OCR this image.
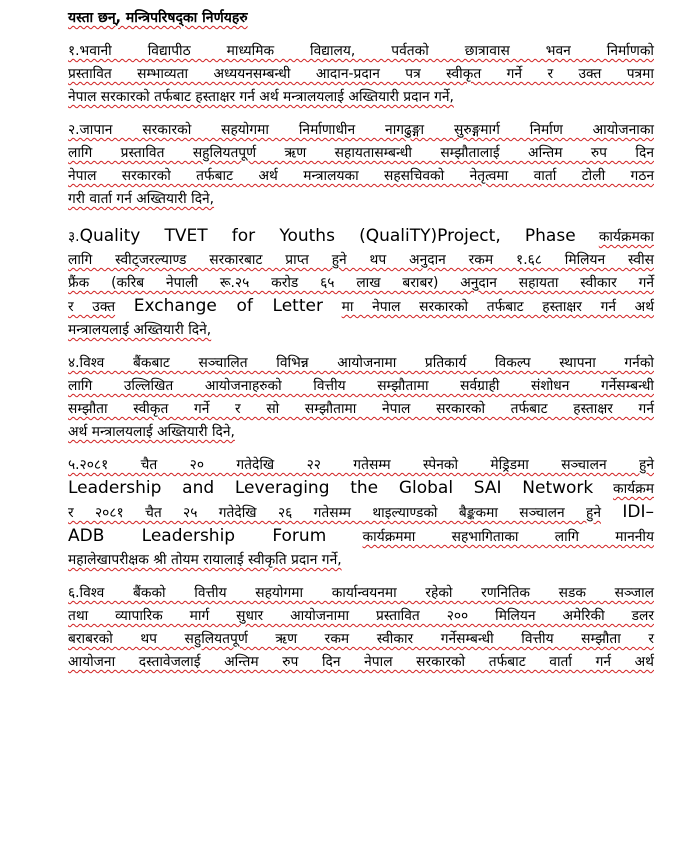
यस्ता छन्, मन्त्रिपरिषद्का निर्णयहरु
१.भवानी विद्यापीठ माध्यमिक विद्यालय, पर्वतको छात्रावास भवन निर्माणको
प्रस्तावित सम्भाव्यता अध्ययनसम्बन्धी आदान-प्रदान पत्र स्वीकृत गर्ने र उक्त पत्रमा
नेपाल सरकारको तर्फबाट हस्ताक्षर गर्न अर्थ मन्त्रालयलाई अख्तियारी प्रदान गर्ने,
२.जापान सरकारको सहयोगमा निर्माणाधीन नागढुङ्गा सुरुङ्गमार्ग निर्माण आयोजनाका
लागि प्रस्तावित सहुलियतपूर्ण ऋण सहायतासम्बन्धी सम्झौतालाई अन्तिम रुप दिन
नेपाल सरकारको तर्फबाट अर्थ मन्त्रालयका सहसचिवको नेतृत्वमा वार्ता टोली गठन
गरी वार्ता गर्न अख्तियारी दिने,
३.Quality TVET for Youths (QualiTY)Project, Phase कार्यक्रमका
लागि स्वीट्जरल्याण्ड सरकारबाट प्राप्त हुने थप अनुदान रकम १.६८ मिलियन स्वीस
फ्रैंक (करिब नेपाली रू.२५ करोड ६५ लाख बराबर) अनुदान सहायता स्वीकार गर्ने
र उक्त Exchange of Letter मा नेपाल सरकारको तर्फबाट हस्ताक्षर गर्न अर्थ
मन्त्रालयलाई अख्तियारी दिने,
४.विश्व बैंकबाट सञ्चालित विभिन्न आयोजनामा प्रतिकार्य विकल्प स्थापना गर्नको
लागि उल्लिखित आयोजनाहरुको वित्तीय सम्झौतामा सर्वग्राही संशोधन गर्नेसम्बन्धी
सम्झौता स्वीकृत गर्ने र सो सम्झौतामा नेपाल सरकारको तर्फबाट हस्ताक्षर गर्न
अर्थ मन्त्रालयलाई अख्तियारी दिने,
५.२०८१ चैत २० गतेदेखि २२ गतेसम्म स्पेनको मेड्रिडमा सञ्चालन हुने
Leadership and Leveraging the Global SAI Network कार्यक्रम
र २०८१ चैत २५ गतेदेखि २६ गतेसम्म थाइल्याण्डको बैङ्ककमा सञ्चालन हुने IDI–
ADB Leadership Forum	कार्यक्रममा सहभागिताका लागि माननीय
महालेखापरीक्षक श्री तोयम रायालाई स्वीकृति प्रदान गर्ने,
६.विश्व बैंकको वित्तीय सहयोगमा कार्यान्वयनमा रहेको रणनितिक सडक सञ्जाल
तथा व्यापारिक मार्ग सुधार आयोजनामा प्रस्तावित २०० मिलियन अमेरिकी डलर
बराबरको थप सहुलियतपूर्ण ऋण रकम स्वीकार गर्नेसम्बन्धी वित्तीय सम्झौता र
आयोजना दस्तावेजलाई अन्तिम रुप दिन नेपाल सरकारको तर्फबाट वार्ता गर्न अर्थ
